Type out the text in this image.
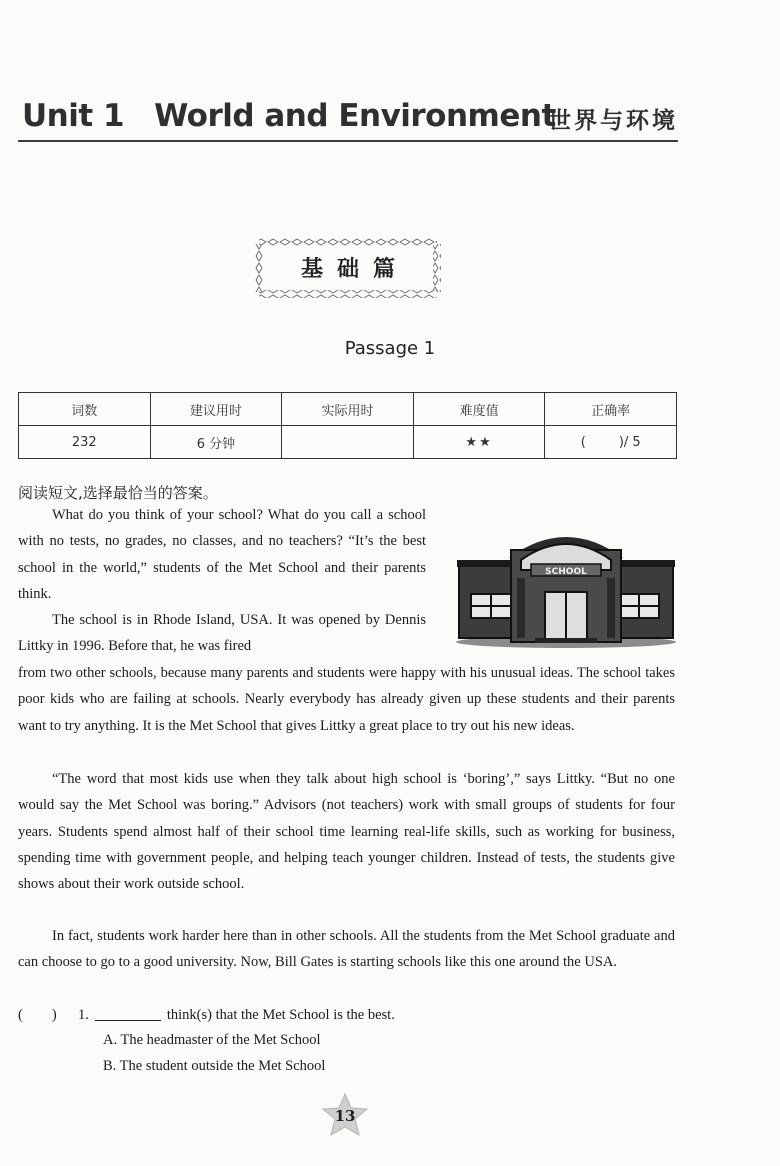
Unit 1 World and Environment
世界与环境
基础篇
Passage 1
词数	建议用时	实际用时	难度值	正确率
232	6 分钟		★★	(        )/ 5
阅读短文,选择最恰当的答案。

What do you think of your school? What do you call a school with no tests, no grades, no classes, and no teachers? “It’s the best school in the world,” students of the Met School and their parents think.

The school is in Rhode Island, USA. It was opened by Dennis Littky in 1996. Before that, he was fired

from two other schools, because many parents and students were happy with his unusual ideas. The school takes poor kids who are failing at schools. Nearly everybody has already given up these students and their parents want to try anything. It is the Met School that gives Littky a great place to try out his new ideas.

“The word that most kids use when they talk about high school is ‘boring’,” says Littky. “But no one would say the Met School was boring.” Advisors (not teachers) work with small groups of students for four years. Students spend almost half of their school time learning real-life skills, such as working for business, spending time with government people, and helping teach younger children. Instead of tests, the students give shows about their work outside school.

In fact, students work harder here than in other schools. All the students from the Met School graduate and can choose to go to a good university. Now, Bill Gates is starting schools like this one around the USA.

SCHOOL
(        ) 1.	think(s) that the Met School is the best.
A. The headmaster of the Met School
B. The student outside the Met School
13
